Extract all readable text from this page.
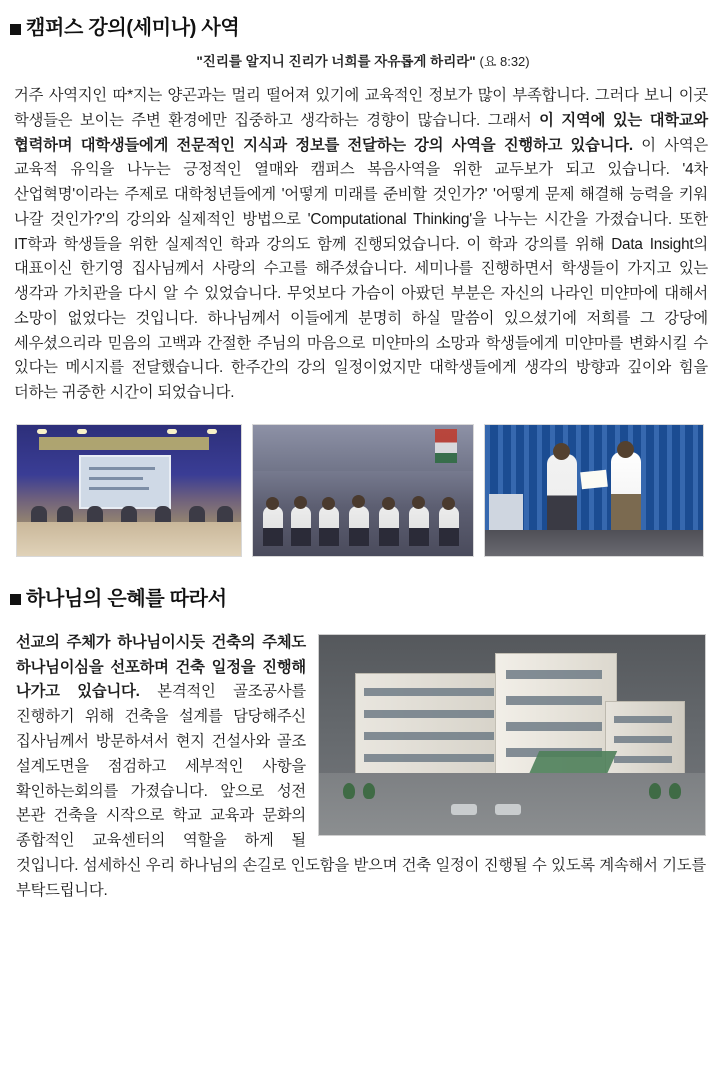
캠퍼스 강의(세미나) 사역
"진리를 알지니 진리가 너희를 자유롭게 하리라" (요 8:32)

거주 사역지인 따*지는 양곤과는 멀리 떨어져 있기에 교육적인 정보가 많이 부족합니다. 그러다 보니 이곳 학생들은 보이는 주변 환경에만 집중하고 생각하는 경향이 많습니다. 그래서 이 지역에 있는 대학교와 협력하며 대학생들에게 전문적인 지식과 정보를 전달하는 강의 사역을 진행하고 있습니다. 이 사역은 교육적 유익을 나누는 긍정적인 열매와 캠퍼스 복음사역을 위한 교두보가 되고 있습니다. '4차 산업혁명'이라는 주제로 대학청년들에게 '어떻게 미래를 준비할 것인가?' '어떻게 문제 해결해 능력을 키워 나갈 것인가?'의 강의와 실제적인 방법으로 'Computational Thinking'을 나누는 시간을 가졌습니다. 또한 IT학과 학생들을 위한 실제적인 학과 강의도 함께 진행되었습니다. 이 학과 강의를 위해 Data Insight의 대표이신 한기영 집사님께서 사랑의 수고를 해주셨습니다. 세미나를 진행하면서 학생들이 가지고 있는 생각과 가치관을 다시 알 수 있었습니다. 무엇보다 가슴이 아팠던 부분은 자신의 나라인 미얀마에 대해서 소망이 없었다는 것입니다. 하나님께서 이들에게 분명히 하실 말씀이 있으셨기에 저희를 그 강당에 세우셨으리라 믿음의 고백과 간절한 주님의 마음으로 미얀마의 소망과 학생들에게 미얀마를 변화시킬 수 있다는 메시지를 전달했습니다. 한주간의 강의 일정이었지만 대학생들에게 생각의 방향과 깊이와 힘을 더하는 귀중한 시간이 되었습니다.

하나님의 은혜를 따라서
선교의 주체가 하나님이시듯 건축의 주체도 하나님이심을 선포하며 건축 일정을 진행해 나가고 있습니다. 본격적인 골조공사를 진행하기 위해 건축을 설계를 담당해주신 집사님께서 방문하셔서 현지 건설사와 골조 설계도면을 점검하고 세부적인 사항을 확인하는회의를 가졌습니다. 앞으로 성전 본관 건축을 시작으로 학교 교육과 문화의 종합적인 교육센터의 역할을 하게 될 것입니다. 섬세하신 우리 하나님의 손길로 인도함을 받으며 건축 일정이 진행될 수 있도록 계속해서 기도를 부탁드립니다.
